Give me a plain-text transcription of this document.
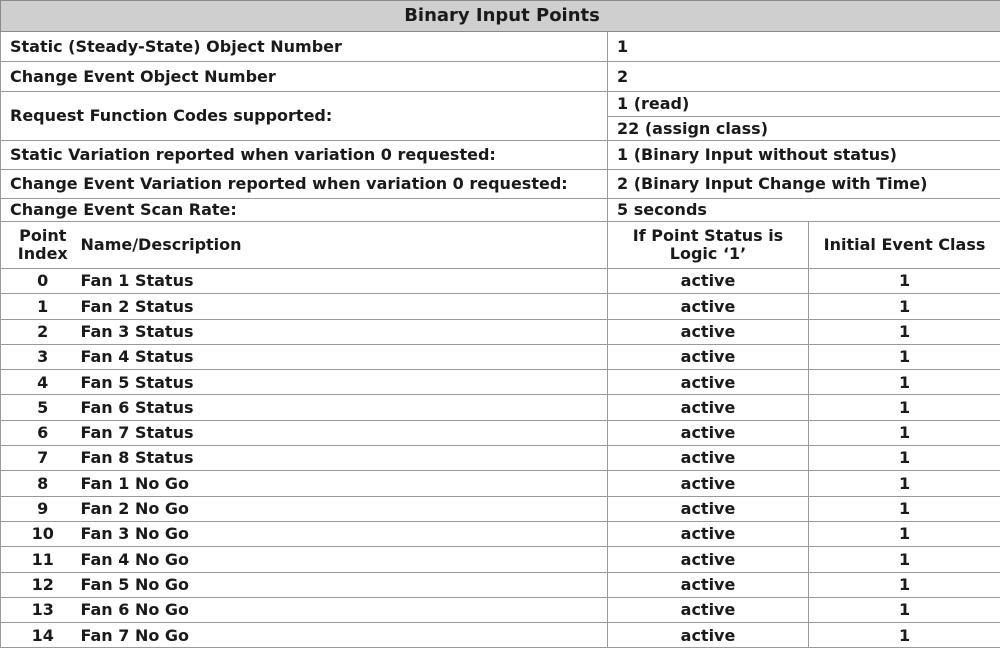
Binary Input Points			
Static (Steady-State) Object Number		1	
Change Event Object Number		2	
Request Function Codes supported:		1 (read)	
		22 (assign class)	
Static Variation reported when variation 0 requested:		1 (Binary Input without status)	
Change Event Variation reported when variation 0 requested:		2 (Binary Input Change with Time)	
Change Event Scan Rate:		5 seconds	
Point Index	Name/Description	If Point Status is Logic ‘1’	Initial Event Class
0	Fan 1 Status	active	1
1	Fan 2 Status	active	1
2	Fan 3 Status	active	1
3	Fan 4 Status	active	1
4	Fan 5 Status	active	1
5	Fan 6 Status	active	1
6	Fan 7 Status	active	1
7	Fan 8 Status	active	1
8	Fan 1 No Go	active	1
9	Fan 2 No Go	active	1
10	Fan 3 No Go	active	1
11	Fan 4 No Go	active	1
12	Fan 5 No Go	active	1
13	Fan 6 No Go	active	1
14	Fan 7 No Go	active	1
